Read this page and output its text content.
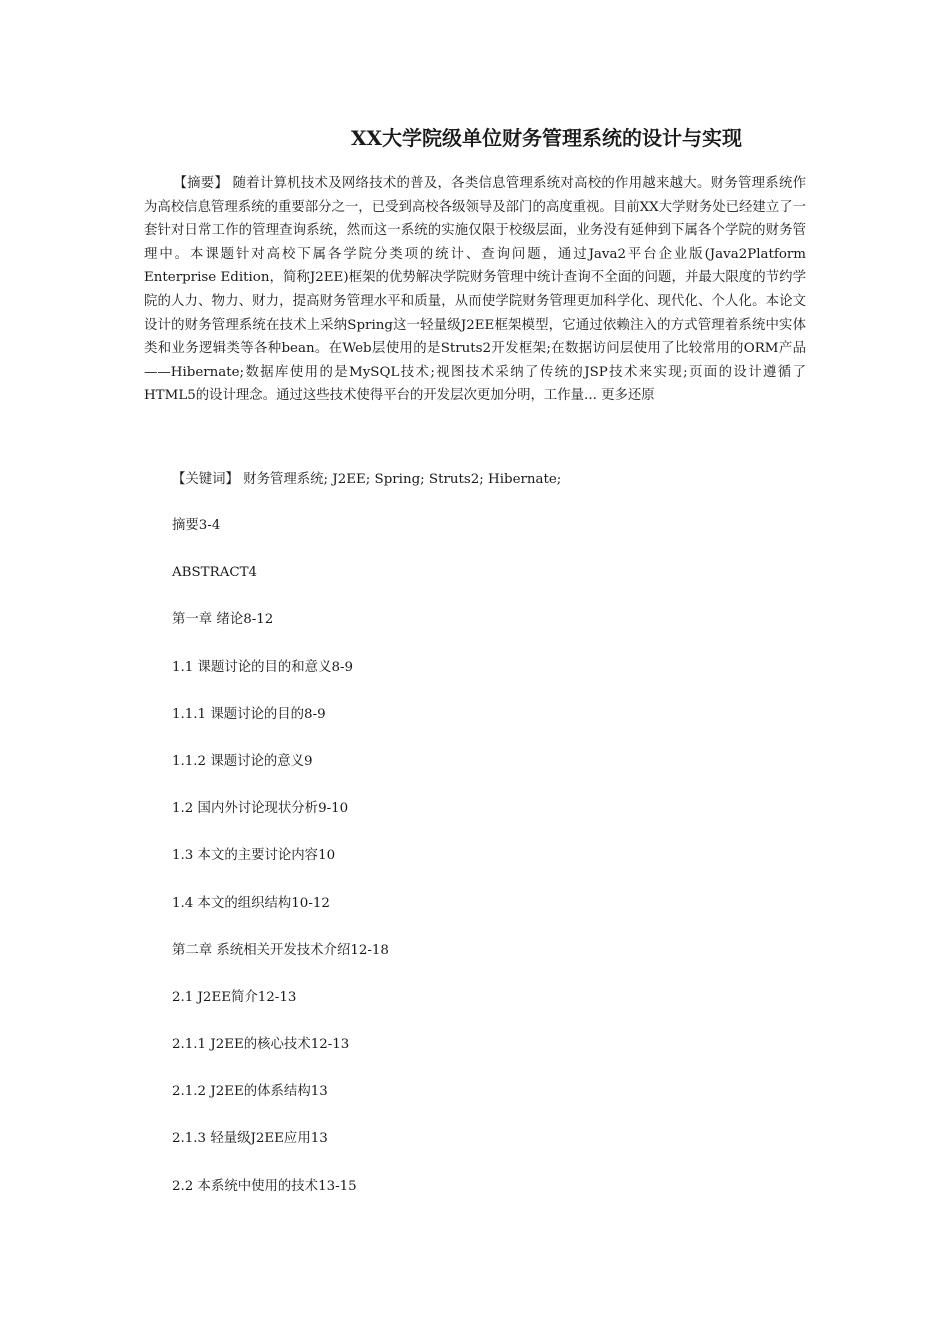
XX大学院级单位财务管理系统的设计与实现

【摘要】 随着计算机技术及网络技术的普及，各类信息管理系统对高校的作用越来越大。财务管理系统作为高校信息管理系统的重要部分之一，已受到高校各级领导及部门的高度重视。目前XX大学财务处已经建立了一套针对日常工作的管理查询系统，然而这一系统的实施仅限于校级层面，业务没有延伸到下属各个学院的财务管理中。本课题针对高校下属各学院分类项的统计、查询问题，通过Java2平台企业版(Java2Platform Enterprise Edition，简称J2EE)框架的优势解决学院财务管理中统计查询不全面的问题，并最大限度的节约学院的人力、物力、财力，提高财务管理水平和质量，从而使学院财务管理更加科学化、现代化、个人化。本论文设计的财务管理系统在技术上采纳Spring这一轻量级J2EE框架模型，它通过依赖注入的方式管理着系统中实体类和业务逻辑类等各种bean。在Web层使用的是Struts2开发框架;在数据访问层使用了比较常用的ORM产品——Hibernate;数据库使用的是MySQL技术;视图技术采纳了传统的JSP技术来实现;页面的设计遵循了HTML5的设计理念。通过这些技术使得平台的开发层次更加分明，工作量... 更多还原

【关键词】 财务管理系统; J2EE; Spring; Struts2; Hibernate;
摘要3-4
ABSTRACT4
第一章 绪论8-12
1.1 课题讨论的目的和意义8-9
1.1.1 课题讨论的目的8-9
1.1.2 课题讨论的意义9
1.2 国内外讨论现状分析9-10
1.3 本文的主要讨论内容10
1.4 本文的组织结构10-12
第二章 系统相关开发技术介绍12-18
2.1 J2EE简介12-13
2.1.1 J2EE的核心技术12-13
2.1.2 J2EE的体系结构13
2.1.3 轻量级J2EE应用13
2.2 本系统中使用的技术13-15
